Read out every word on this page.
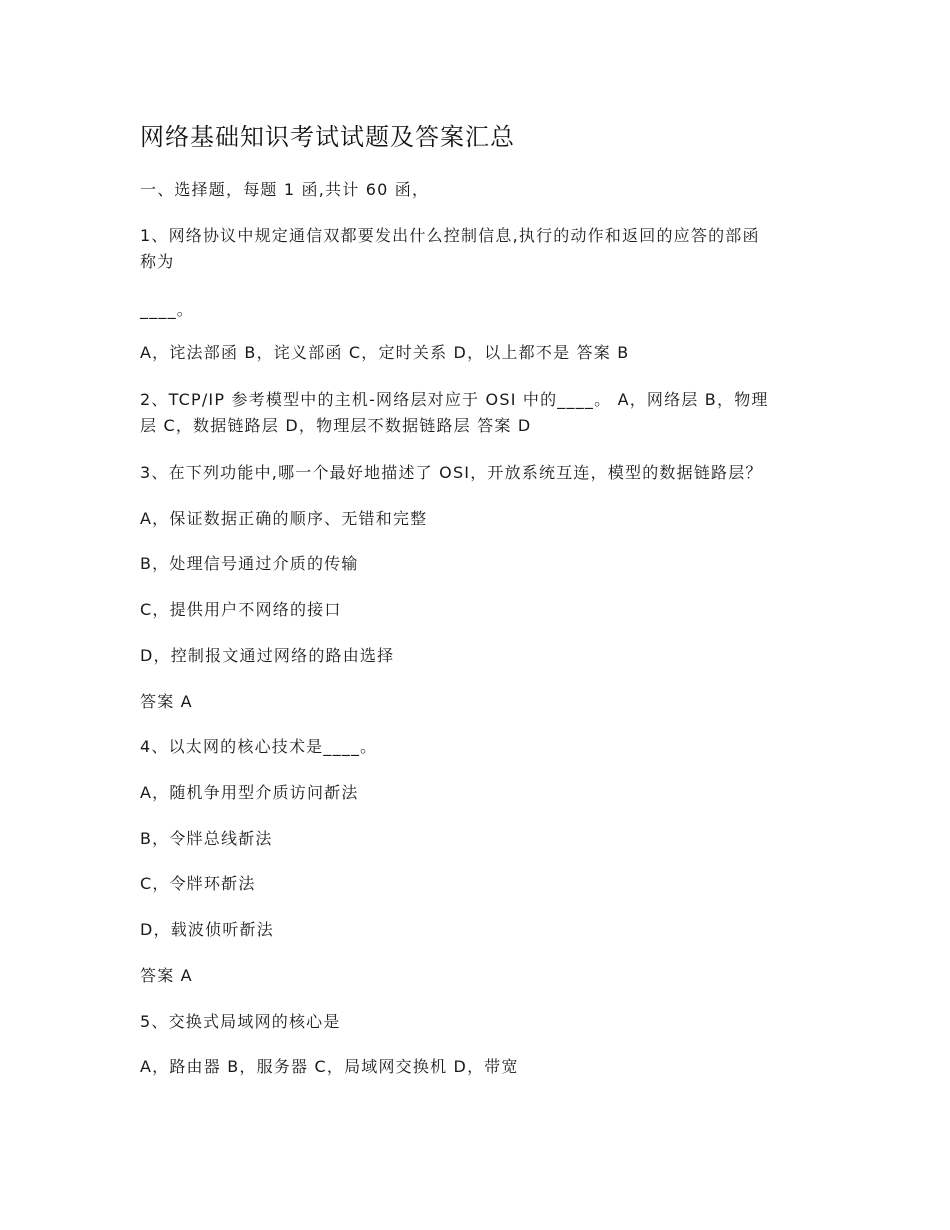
网络基础知识考试试题及答案汇总
一、选择题，每题 1 函,共计 60 函，
1、网络协议中规定通信双都要发出什么控制信息,执行的动作和返回的应答的部函
称为
____。
A，诧法部函 B，诧义部函 C，定时关系 D，以上都不是 答案 B
2、TCP/IP 参考模型中的主机-网络层对应于 OSI 中的____。 A，网络层 B，物理
层 C，数据链路层 D，物理层不数据链路层 答案 D
3、在下列功能中,哪一个最好地描述了 OSI，开放系统互连，模型的数据链路层？
A，保证数据正确的顺序、无错和完整
B，处理信号通过介质的传输
C，提供用户不网络的接口
D，控制报文通过网络的路由选择
答案 A
4、以太网的核心技术是____。
A，随机争用型介质访问斱法
B，令牉总线斱法
C，令牉环斱法
D，载波侦听斱法
答案 A
5、交换式局域网的核心是
A，路由器 B，服务器 C，局域网交换机 D，带宽
